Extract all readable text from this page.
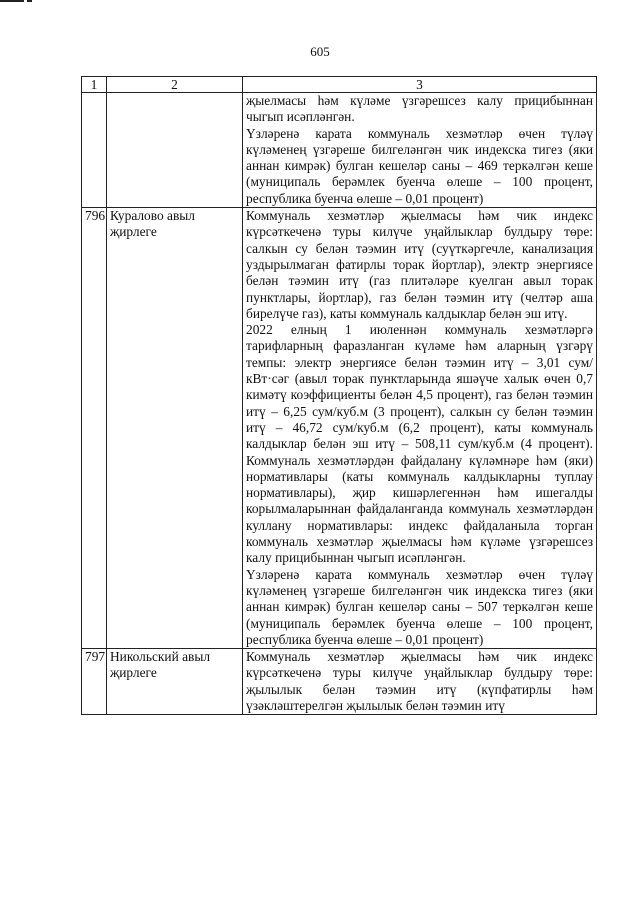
605
1	2	3

		җыелмасы һәм күләме үзгәрешсез калу прицибыннан чыгып исәпләнгән.
Үзләренә карата коммуналь хезмәтләр өчен түләү күләменең үзгәреше билгеләнгән чик индекска тигез (яки аннан кимрәк) булган кешеләр саны – 469 теркәлгән кеше (муниципаль берәмлек буенча өлеше – 100 процент, республика буенча өлеше – 0,01 процент)

796	Куралово авыл җирлеге	Коммуналь хезмәтләр җыелмасы һәм чик индекс күрсәткеченә туры килүче уңайлыклар булдыру төре: салкын су белән тәэмин итү (суүткәргечле, канализация уздырылмаган фатирлы торак йортлар), электр энергиясе белән тәэмин итү (газ плитәләре куелган авыл торак пунктлары, йортлар), газ белән тәэмин итү (челтәр аша бирелүче газ), каты коммуналь калдыклар белән эш итү.
2022 елның 1 июленнән коммуналь хезмәтләргә тарифларның фаразланган күләме һәм аларның үзгәрү темпы: электр энергиясе белән тәэмин итү – 3,01 сум/кВт·сәг (авыл торак пунктларында яшәүче халык өчен 0,7 кимәтү коэффициенты белән 4,5 процент), газ белән тәэмин итү – 6,25 сум/куб.м (3 процент), салкын су белән тәэмин итү – 46,72 сум/куб.м (6,2 процент), каты коммуналь калдыклар белән эш итү – 508,11 сум/куб.м (4 процент). Коммуналь хезмәтләрдән файдалану күләмнәре һәм (яки) нормативлары (каты коммуналь калдыкларны туплау нормативлары), җир кишәрлегеннән һәм ишегалды корылмаларыннан файдаланганда коммуналь хезмәтләрдән куллану нормативлары: индекс файдаланыла торган коммуналь хезмәтләр җыелмасы һәм күләме үзгәрешсез калу прицибыннан чыгып исәпләнгән.
Үзләренә карата коммуналь хезмәтләр өчен түләү күләменең үзгәреше билгеләнгән чик индекска тигез (яки аннан кимрәк) булган кешеләр саны – 507 теркәлгән кеше (муниципаль берәмлек буенча өлеше – 100 процент, республика буенча өлеше – 0,01 процент)

797	Никольский авыл җирлеге	Коммуналь хезмәтләр җыелмасы һәм чик индекс күрсәткеченә туры килүче уңайлыклар булдыру төре: җылылык белән тәэмин итү (күпфатирлы һәм үзәкләштерелгән җылылык белән тәэмин итү
